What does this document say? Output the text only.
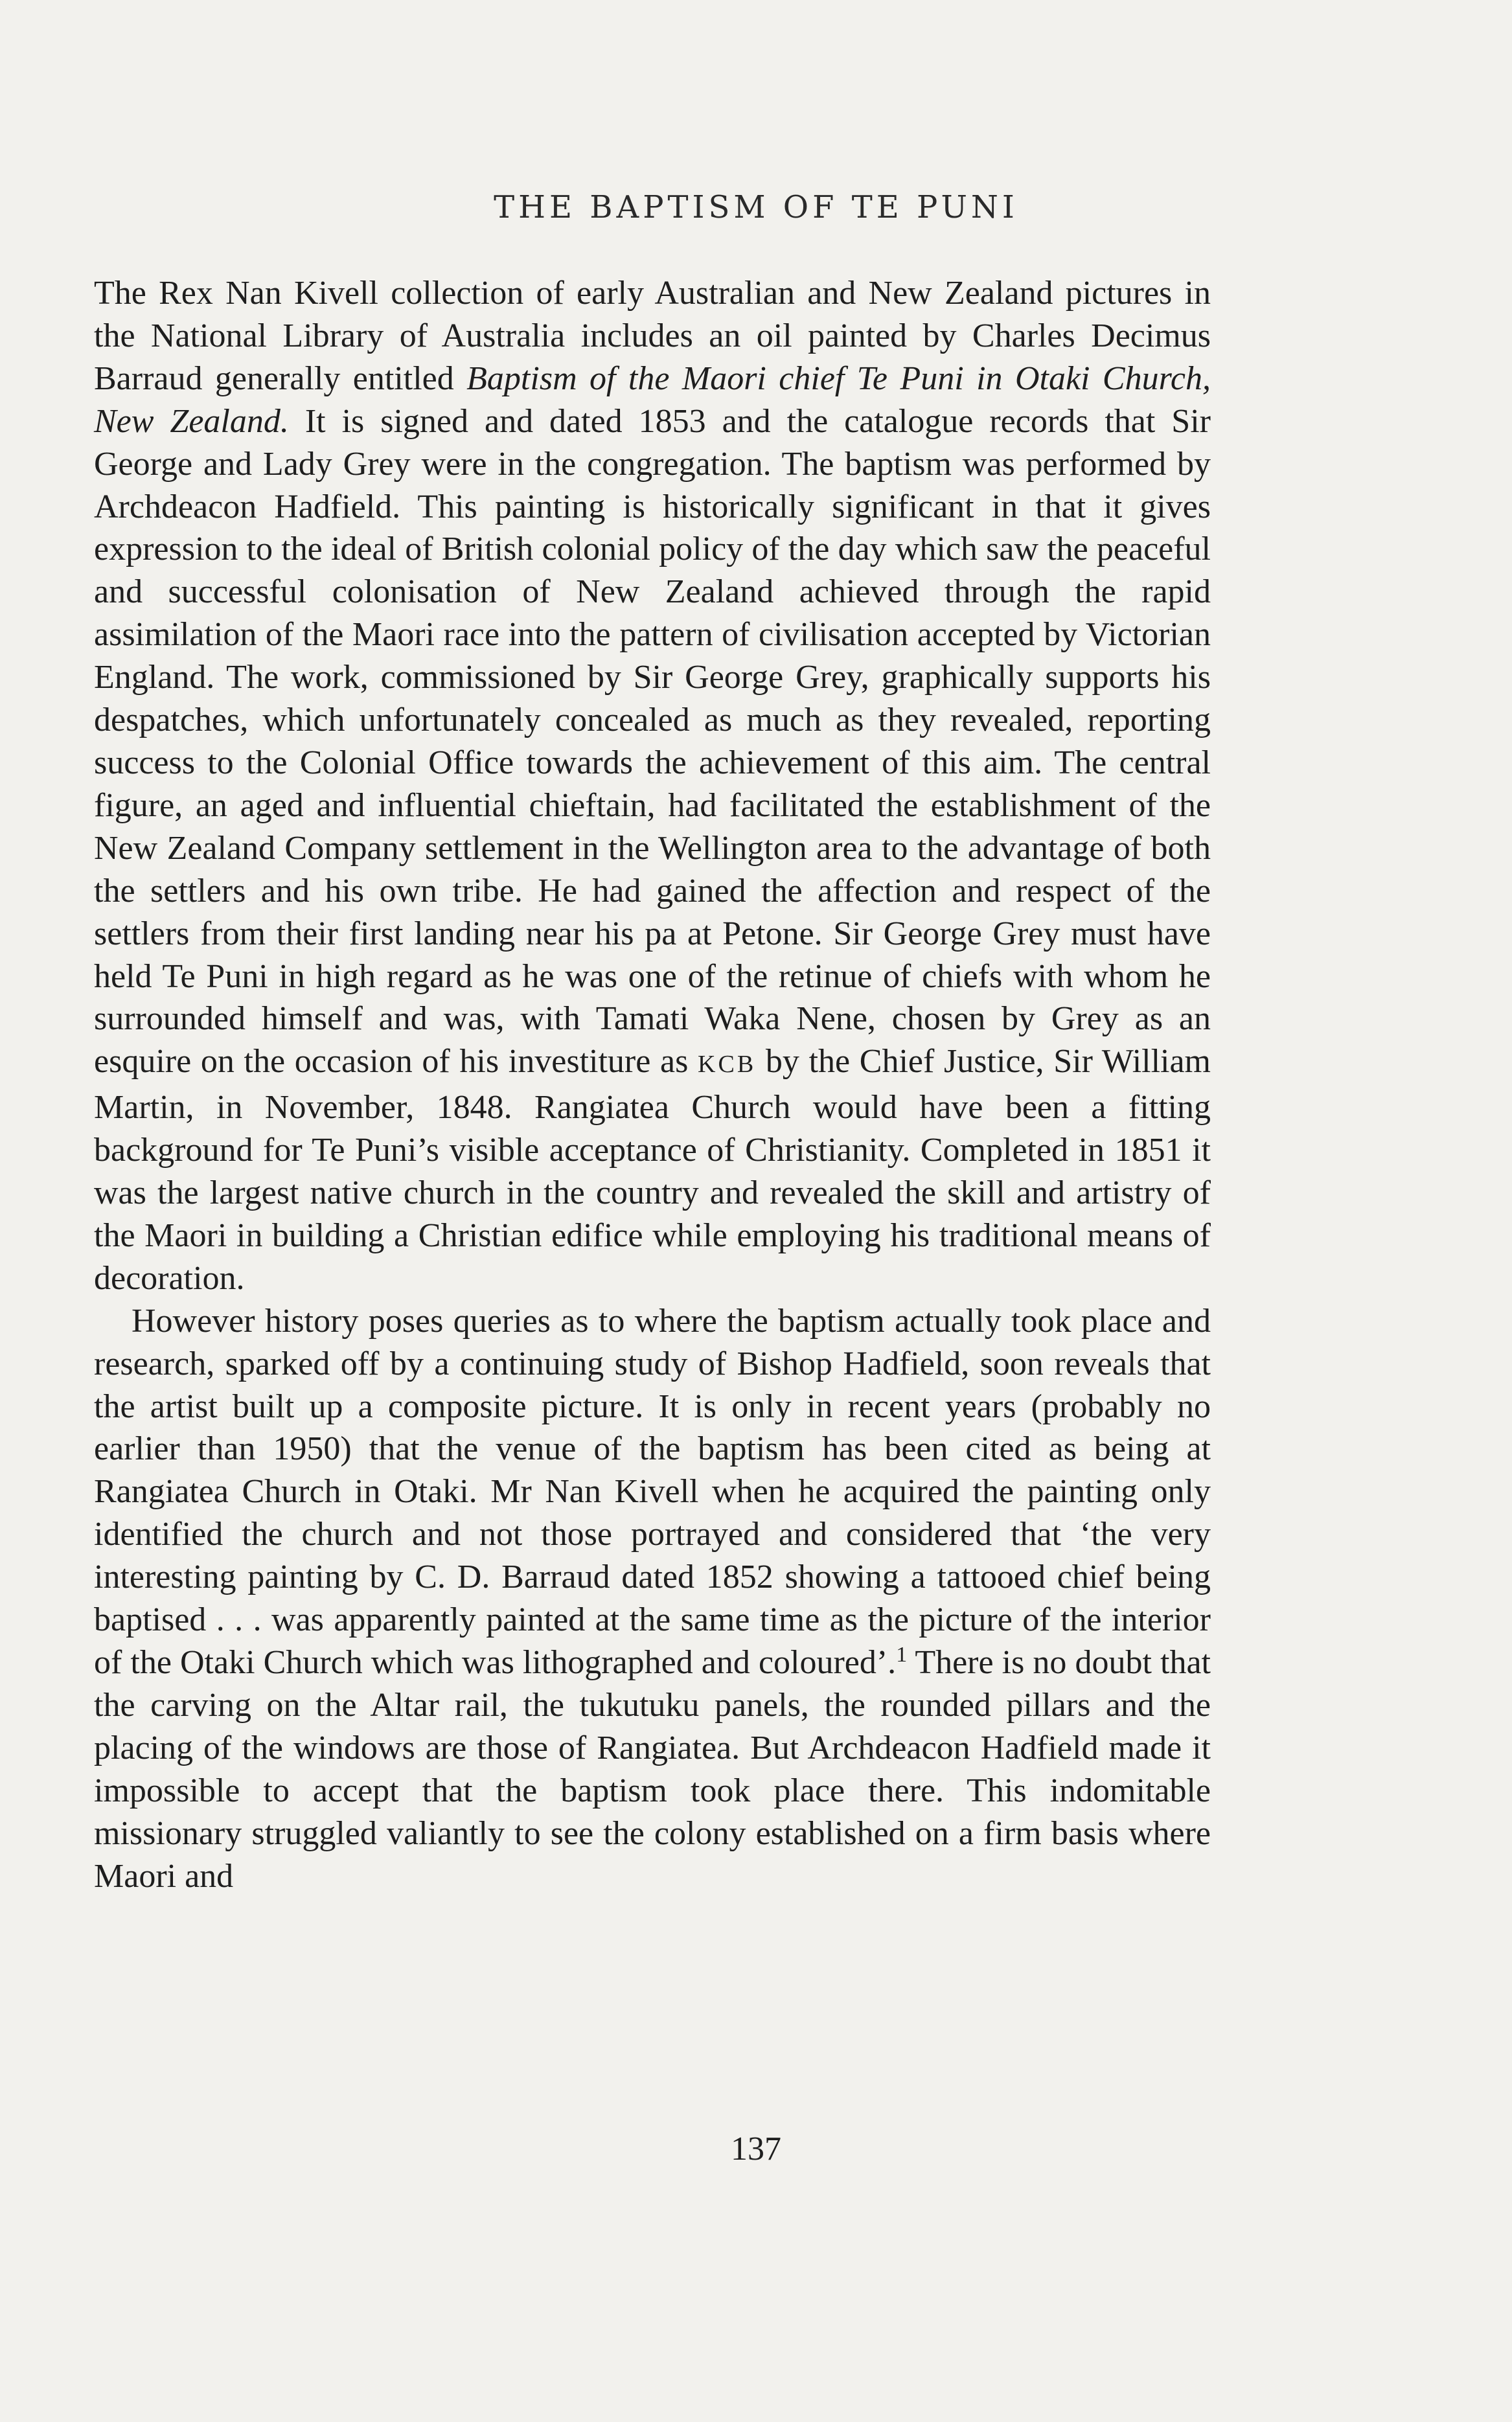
THE BAPTISM OF TE PUNI

The Rex Nan Kivell collection of early Australian and New Zealand pictures in the National Library of Australia includes an oil painted by Charles Decimus Barraud generally entitled Baptism of the Maori chief Te Puni in Otaki Church, New Zealand. It is signed and dated 1853 and the catalogue records that Sir George and Lady Grey were in the congregation. The baptism was performed by Archdeacon Hadfield. This painting is historically significant in that it gives expression to the ideal of British colonial policy of the day which saw the peaceful and successful colonisation of New Zealand achieved through the rapid assimilation of the Maori race into the pattern of civilisation accepted by Victorian England. The work, commissioned by Sir George Grey, graphically supports his despatches, which unfortunately concealed as much as they revealed, reporting success to the Colonial Office towards the achievement of this aim. The central figure, an aged and influential chieftain, had facilitated the establishment of the New Zealand Company settlement in the Wellington area to the advantage of both the settlers and his own tribe. He had gained the affection and respect of the settlers from their first landing near his pa at Petone. Sir George Grey must have held Te Puni in high regard as he was one of the retinue of chiefs with whom he surrounded himself and was, with Tamati Waka Nene, chosen by Grey as an esquire on the occasion of his investiture as KCB by the Chief Justice, Sir William Martin, in November, 1848. Rangiatea Church would have been a fitting background for Te Puni’s visible acceptance of Christianity. Completed in 1851 it was the largest native church in the country and revealed the skill and artistry of the Maori in building a Christian edifice while employing his traditional means of decoration.

However history poses queries as to where the baptism actually took place and research, sparked off by a continuing study of Bishop Hadfield, soon reveals that the artist built up a composite picture. It is only in recent years (probably no earlier than 1950) that the venue of the baptism has been cited as being at Rangiatea Church in Otaki. Mr Nan Kivell when he acquired the painting only identified the church and not those portrayed and considered that ‘the very interesting painting by C. D. Barraud dated 1852 showing a tattooed chief being baptised . . . was apparently painted at the same time as the picture of the interior of the Otaki Church which was lithographed and coloured’.$^1$ There is no doubt that the carving on the Altar rail, the tukutuku panels, the rounded pillars and the placing of the windows are those of Rangiatea. But Archdeacon Hadfield made it impossible to accept that the baptism took place there. This indomitable missionary struggled valiantly to see the colony established on a firm basis where Maori and

137
